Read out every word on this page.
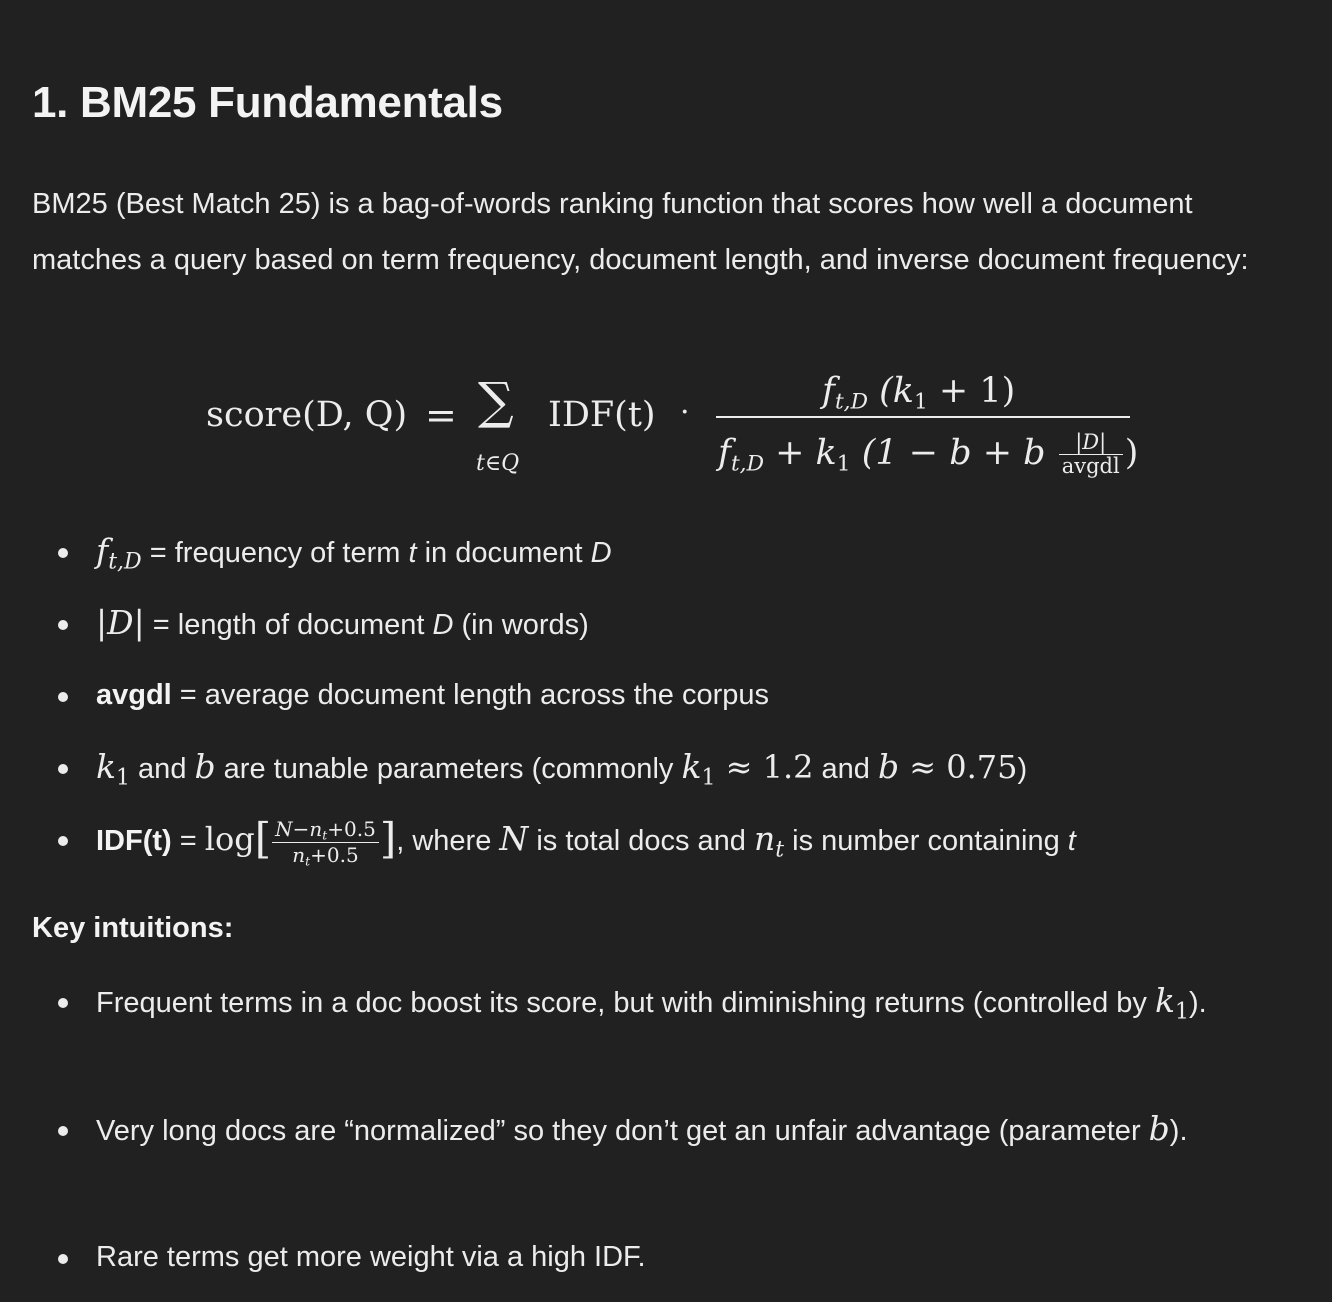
1. BM25 Fundamentals

BM25 (Best Match 25) is a bag-of-words ranking function that scores how well a document matches a query based on term frequency, document length, and inverse document frequency:

score(D, Q) = ∑
t∈Q
IDF(t) ·
$f_{t,D}$ $(k_1 + 1)$
$f_{t,D} + k_1$ (1 − b + b $\frac{|D|}{\text{avgdl}}$ )
$f_{t,D}$ = frequency of term t in document D
|D| = length of document D (in words)
avgdl = average document length across the corpus
$k_1$ and b are tunable parameters (commonly $k_1 \approx 1.2$ and b ≈ 0.75)
$IDF(t) = \log[ \frac{N-n_t+0.5}{n_t+0.5}$ ], where N is total docs and $n_t$ is number containing t
Key intuitions:
Frequent terms in a doc boost its score, but with diminishing returns (controlled by $k_1$).
Very long docs are “normalized” so they don’t get an unfair advantage (parameter b).
Rare terms get more weight via a high IDF.
